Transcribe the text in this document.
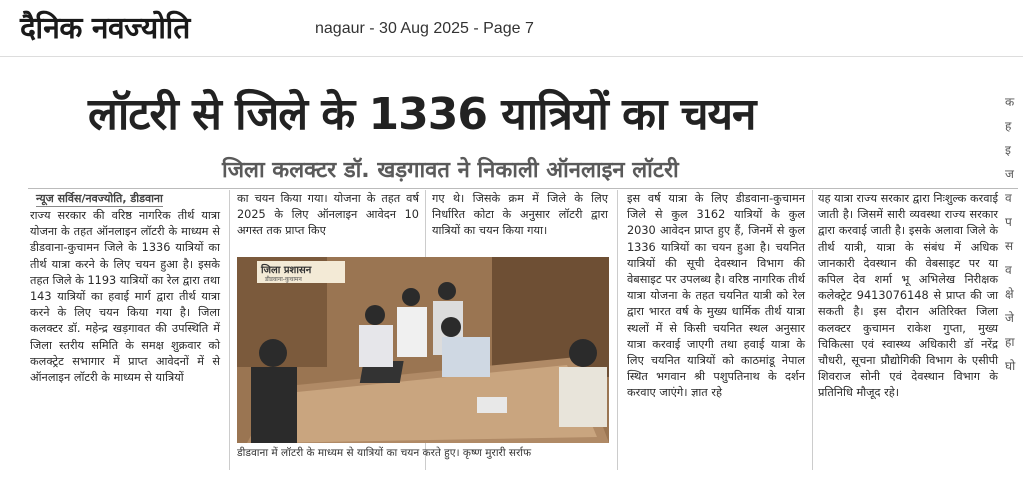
दैनिक नवज्योति	nagaur - 30 Aug 2025 - Page 7
लॉटरी से जिले के 1336 यात्रियों का चयन
जिला कलक्टर डॉ. खड़गावत ने निकाली ऑनलाइन लॉटरी
न्यूज सर्विस/नवज्योति, डीडवाना
राज्य सरकार की वरिष्ठ नागरिक तीर्थ यात्रा योजना के तहत ऑनलाइन लॉटरी के माध्यम से डीडवाना-कुचामन जिले के 1336 यात्रियों का तीर्थ यात्रा करने के लिए चयन हुआ है। इसके तहत जिले के 1193 यात्रियों का रेल द्वारा तथा 143 यात्रियों का हवाई मार्ग द्वारा तीर्थ यात्रा करने के लिए चयन किया गया है। जिला कलक्टर डॉ. महेन्द्र खड़गावत की उपस्थिति में जिला स्तरीय समिति के समक्ष शुक्रवार को कलक्ट्रेट सभागार में प्राप्त आवेदनों में से ऑनलाइन लॉटरी के माध्यम से यात्रियों
का चयन किया गया। योजना के तहत वर्ष 2025 के लिए ऑनलाइन आवेदन 10 अगस्त तक प्राप्त किए
गए थे। जिसके क्रम में जिले के लिए निर्धारित कोटा के अनुसार लॉटरी द्वारा यात्रियों का चयन किया गया।
इस वर्ष यात्रा के लिए डीडवाना-कुचामन जिले से कुल 3162 यात्रियों के कुल 2030 आवेदन प्राप्त हुए हैं, जिनमें से कुल 1336 यात्रियों का चयन हुआ है। चयनित यात्रियों की सूची देवस्थान विभाग की वेबसाइट पर उपलब्ध है। वरिष्ठ नागरिक तीर्थ यात्रा योजना के तहत चयनित यात्री को रेल द्वारा भारत वर्ष के मुख्य धार्मिक तीर्थ यात्रा स्थलों में से किसी चयनित स्थल अनुसार यात्रा करवाई जाएगी तथा हवाई यात्रा के लिए चयनित यात्रियों को काठमांडू नेपाल स्थित भगवान श्री पशुपतिनाथ के दर्शन करवाए जाएंगे। ज्ञात रहे
यह यात्रा राज्य सरकार द्वारा निःशुल्क करवाई जाती है। जिसमें सारी व्यवस्था राज्य सरकार द्वारा करवाई जाती है। इसके अलावा जिले के तीर्थ यात्री, यात्रा के संबंध में अधिक जानकारी देवस्थान की वेबसाइट पर या कपिल देव शर्मा भू अभिलेख निरीक्षक कलेक्ट्रेट 9413076148 से प्राप्त की जा सकती है। इस दौरान अतिरिक्त जिला कलक्टर कुचामन राकेश गुप्ता, मुख्य चिकित्सा एवं स्वास्थ्य अधिकारी डॉ नरेंद्र चौधरी, सूचना प्रौद्योगिकी विभाग के एसीपी शिवराज सोनी एवं देवस्थान विभाग के प्रतिनिधि मौजूद रहे।
जिला प्रशासन
डीडवाना-कुचामन
डीडवाना में लॉटरी के माध्यम से यात्रियों का चयन करते हुए। कृष्ण मुरारी सर्राफ
क
ह
इ
ज
व
प
स
व
क्षे
जे
हा
घो
